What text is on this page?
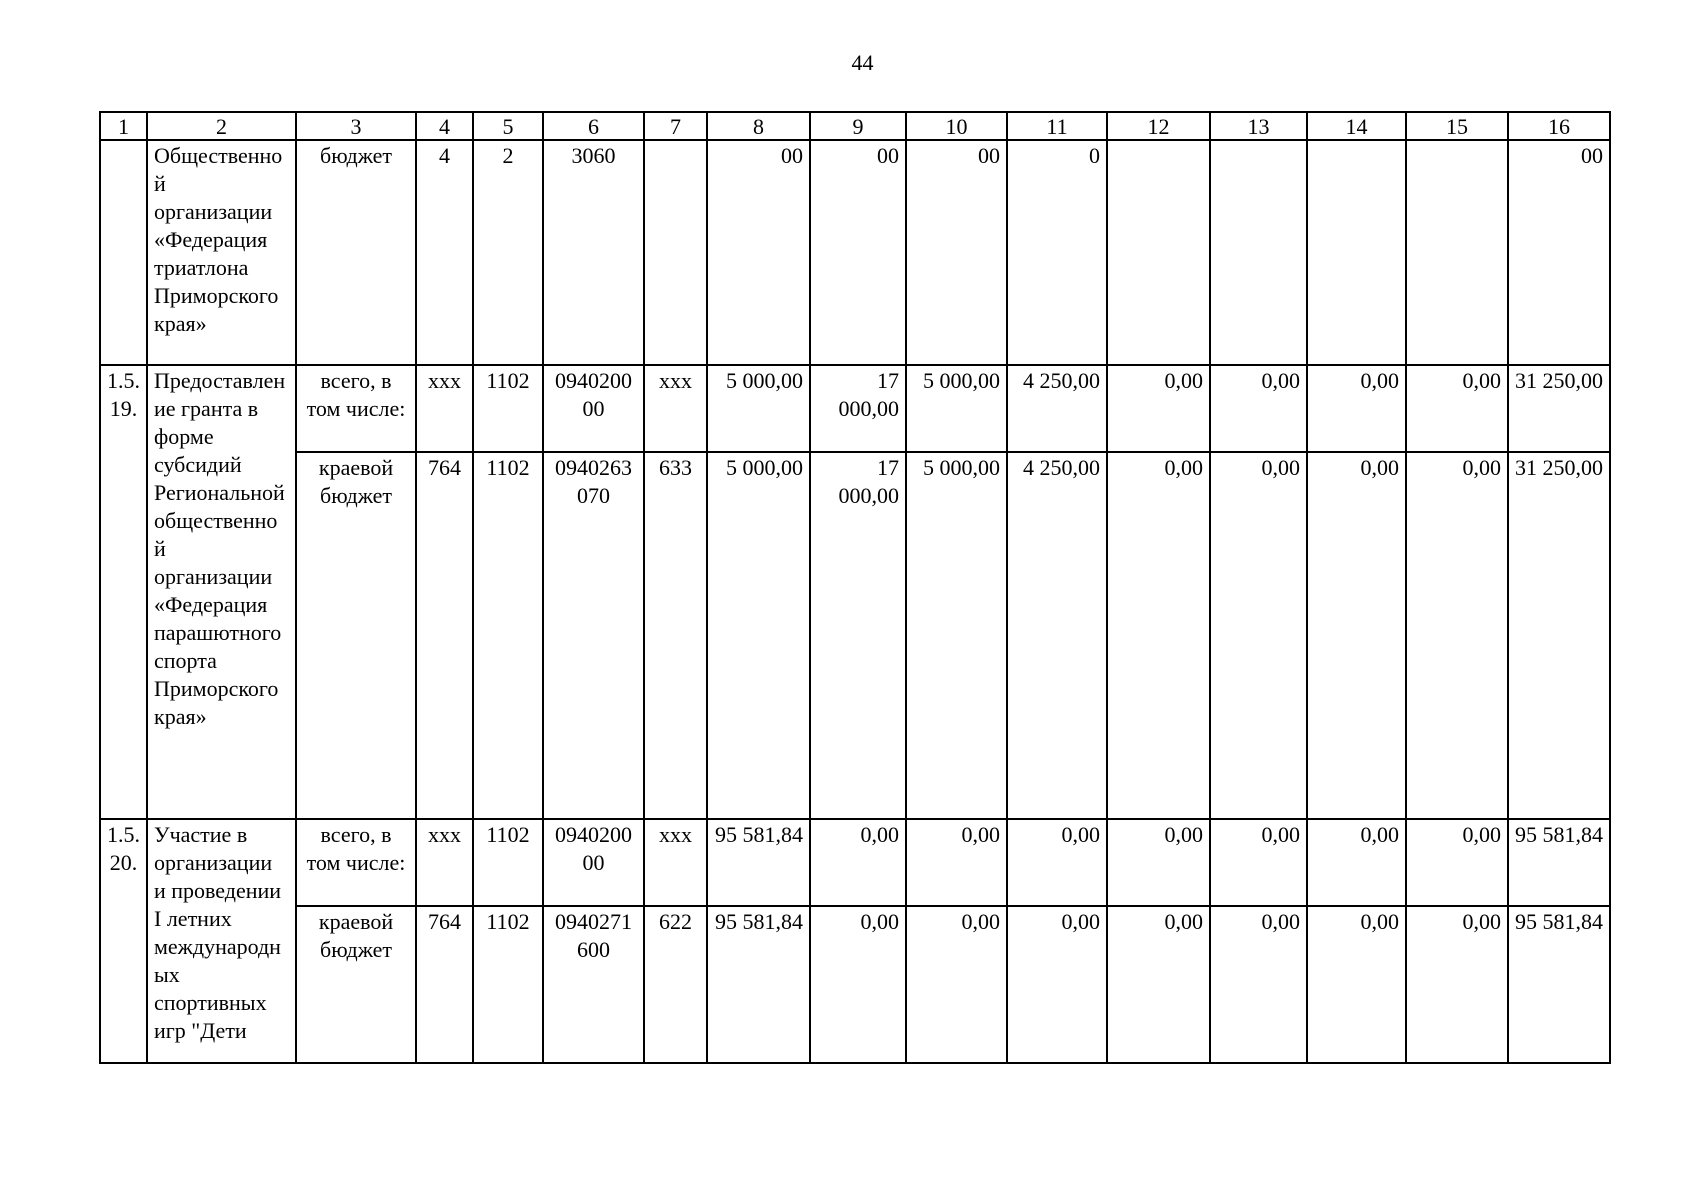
44
1	2	3	4	5	6	7	8	9	10	11	12	13	14	15	16
	Общественной организации «Федерация триатлона Приморского края»	бюджет	4	2	3060		00	00	00	0					00
1.5.19.	Предоставление гранта в форме субсидий Региональной общественной организации «Федерация парашютного спорта Приморского края»	всего, в том числе:	ххх	1102	094020000	ххх	5 000,00	17 000,00	5 000,00	4 250,00	0,00	0,00	0,00	0,00	31 250,00
		краевой бюджет	764	1102	0940263070	633	5 000,00	17 000,00	5 000,00	4 250,00	0,00	0,00	0,00	0,00	31 250,00
1.5.20.	Участие в организации и проведении I летних международных спортивных игр "Дети	всего, в том числе:	ххх	1102	094020000	ххх	95 581,84	0,00	0,00	0,00	0,00	0,00	0,00	0,00	95 581,84
		краевой бюджет	764	1102	0940271600	622	95 581,84	0,00	0,00	0,00	0,00	0,00	0,00	0,00	95 581,84
